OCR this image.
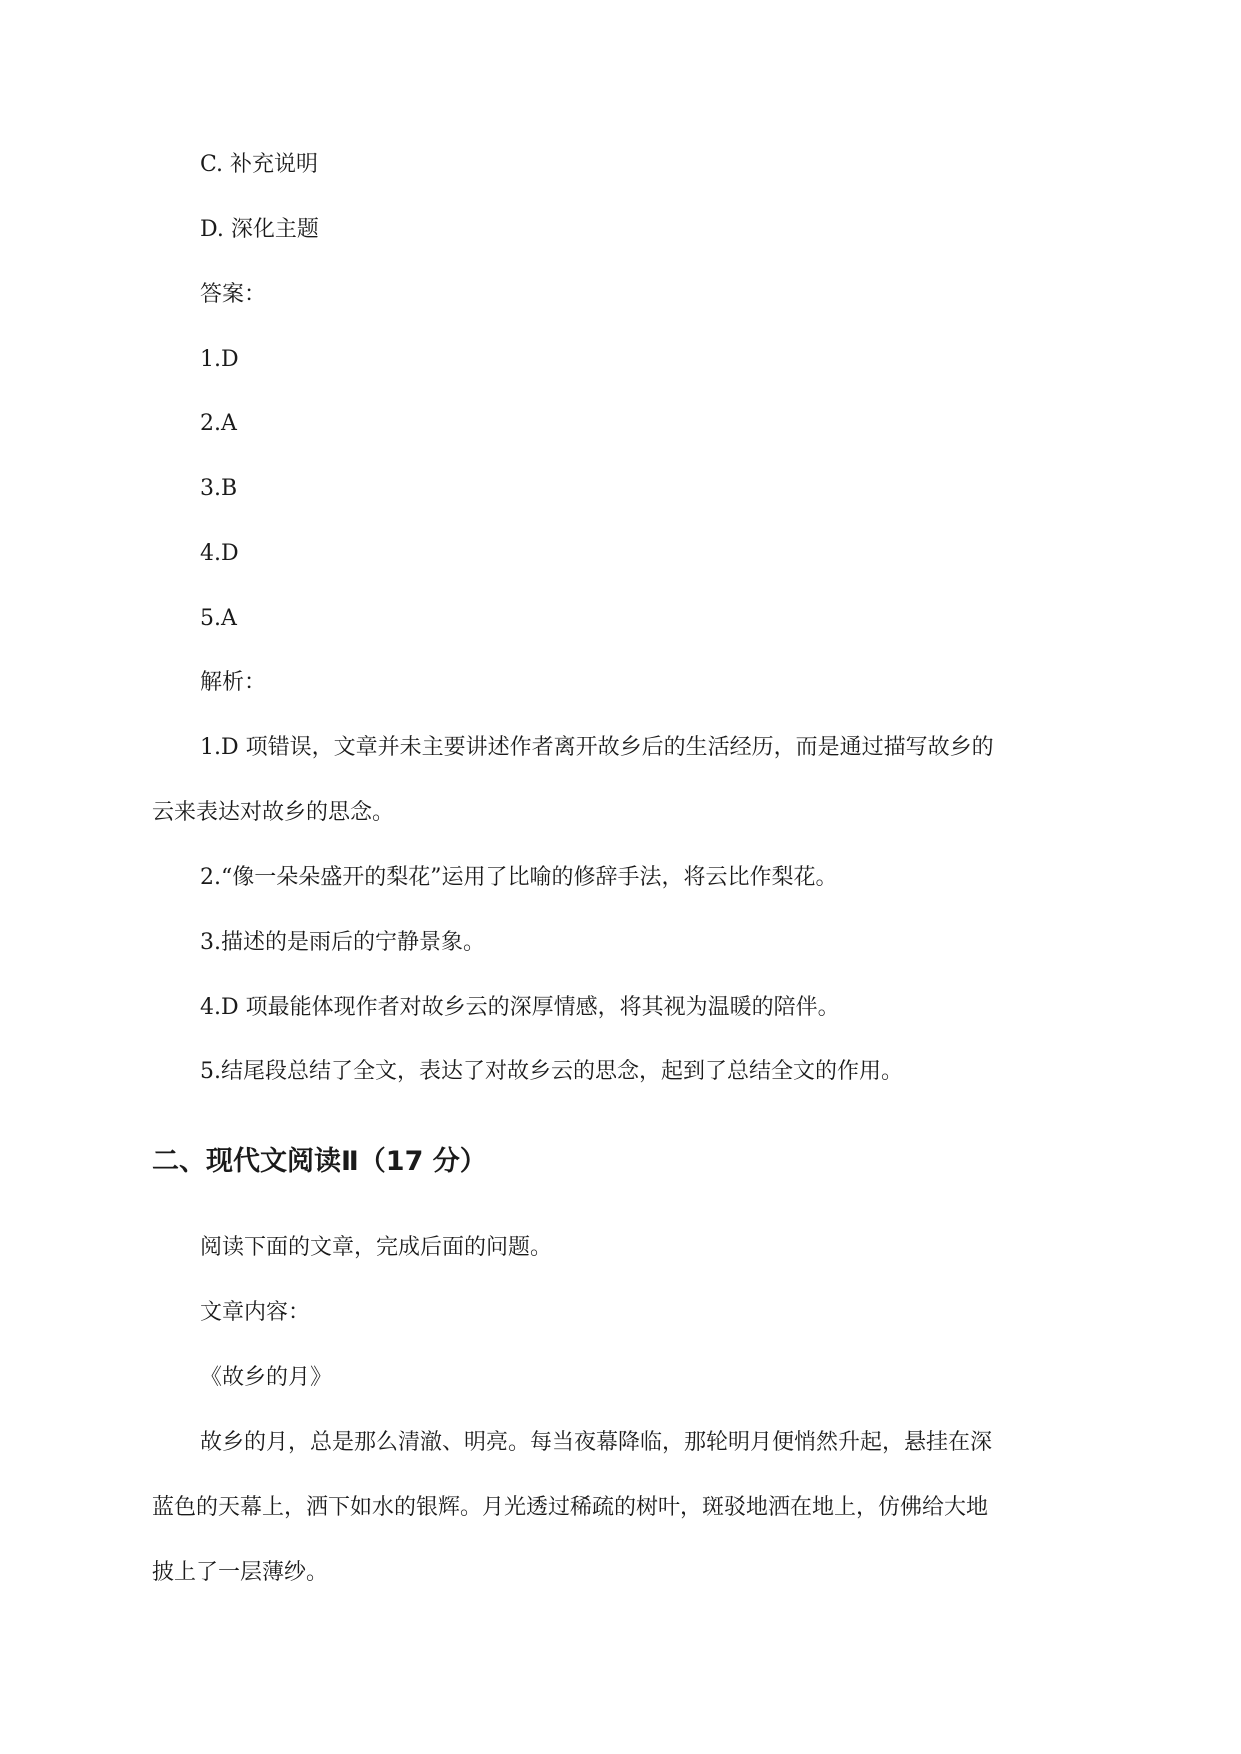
C. 补充说明
D. 深化主题
答案：
1.D
2.A
3.B
4.D
5.A
解析：
1.D 项错误，文章并未主要讲述作者离开故乡后的生活经历，而是通过描写故乡的
云来表达对故乡的思念。
2.“像一朵朵盛开的梨花”运用了比喻的修辞手法，将云比作梨花。
3.描述的是雨后的宁静景象。
4.D 项最能体现作者对故乡云的深厚情感，将其视为温暖的陪伴。
5.结尾段总结了全文，表达了对故乡云的思念，起到了总结全文的作用。
二、现代文阅读Ⅱ（17 分）
阅读下面的文章，完成后面的问题。
文章内容：
《故乡的月》
故乡的月，总是那么清澈、明亮。每当夜幕降临，那轮明月便悄然升起，悬挂在深
蓝色的天幕上，洒下如水的银辉。月光透过稀疏的树叶，斑驳地洒在地上，仿佛给大地
披上了一层薄纱。
